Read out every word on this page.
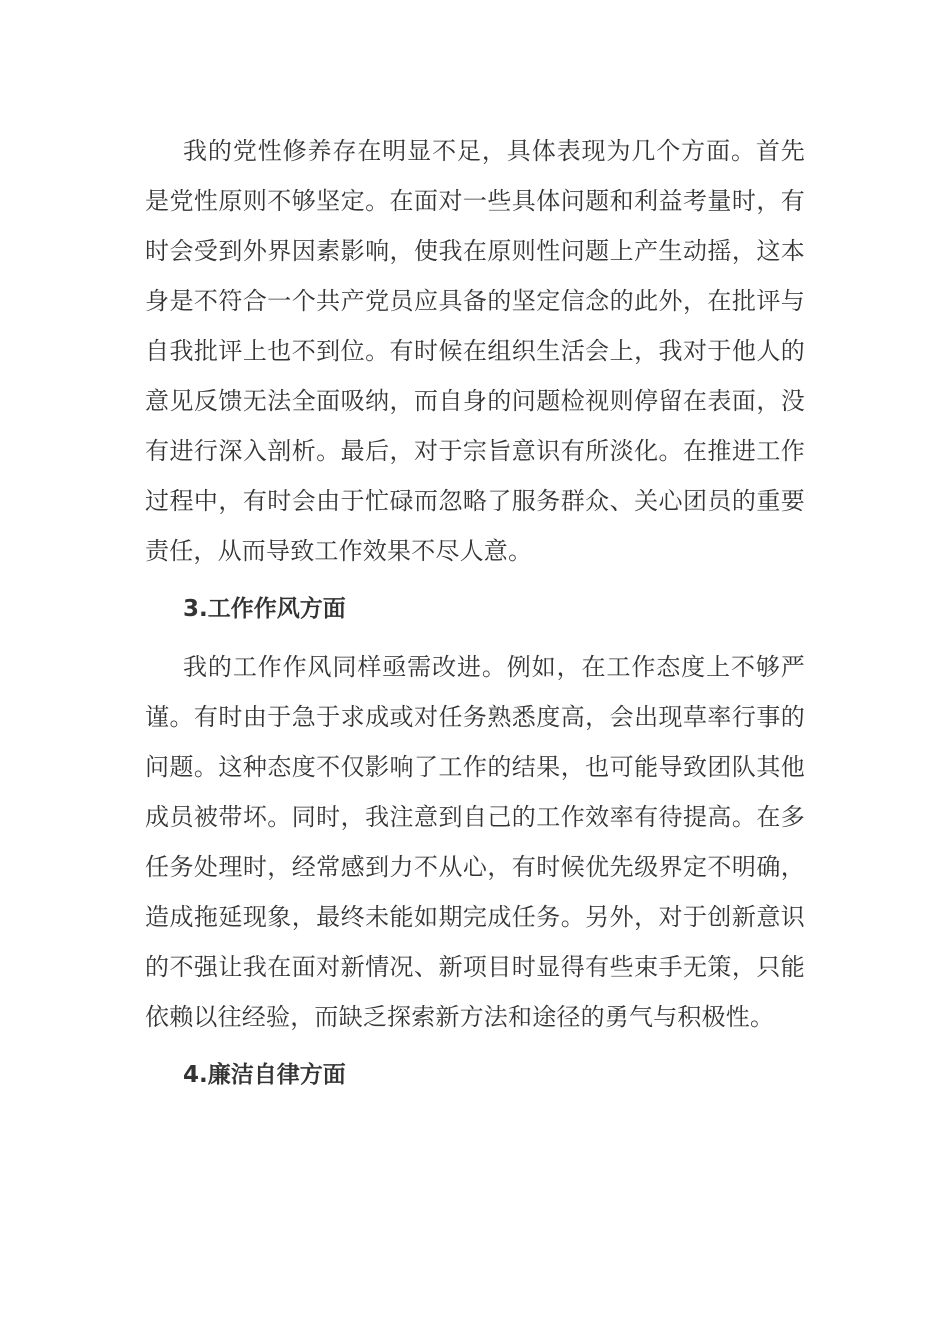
我的党性修养存在明显不足，具体表现为几个方面。首先是党性原则不够坚定。在面对一些具体问题和利益考量时，有时会受到外界因素影响，使我在原则性问题上产生动摇，这本身是不符合一个共产党员应具备的坚定信念的此外，在批评与自我批评上也不到位。有时候在组织生活会上，我对于他人的意见反馈无法全面吸纳，而自身的问题检视则停留在表面，没有进行深入剖析。最后，对于宗旨意识有所淡化。在推进工作过程中，有时会由于忙碌而忽略了服务群众、关心团员的重要责任，从而导致工作效果不尽人意。

3.工作作风方面

我的工作作风同样亟需改进。例如，在工作态度上不够严谨。有时由于急于求成或对任务熟悉度高，会出现草率行事的问题。这种态度不仅影响了工作的结果，也可能导致团队其他成员被带坏。同时，我注意到自己的工作效率有待提高。在多任务处理时，经常感到力不从心，有时候优先级界定不明确，造成拖延现象，最终未能如期完成任务。另外，对于创新意识的不强让我在面对新情况、新项目时显得有些束手无策，只能依赖以往经验，而缺乏探索新方法和途径的勇气与积极性。

4.廉洁自律方面
